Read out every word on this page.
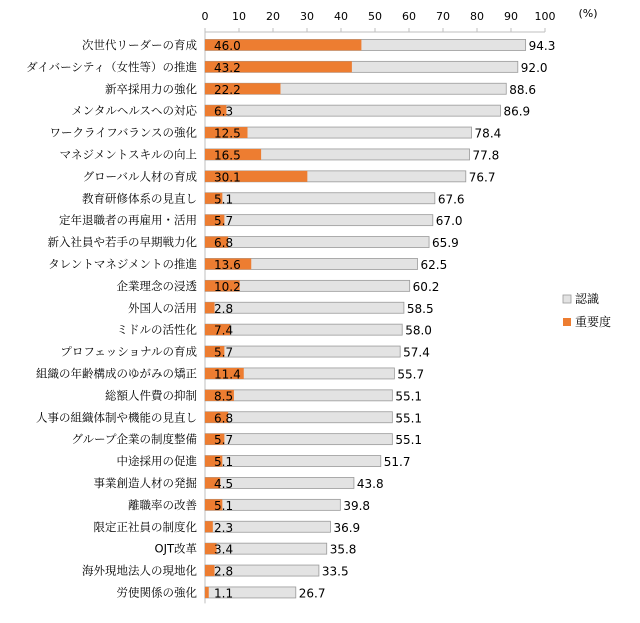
0 10 20 30 40 50 60 70 80 90 100 (%)
94.3
46.0
92.0
43.2
88.6
22.2
86.9
6.3
78.4
12.5
77.8
16.5
76.7
30.1
67.6
5.1
67.0
5.7
65.9
6.8
62.5
13.6
60.2
10.2
58.5
2.8
58.0
7.4
57.4
5.7
55.7
11.4
55.1
8.5
55.1
6.8
55.1
5.7
51.7
5.1
43.8
4.5
39.8
5.1
36.9
2.3
35.8
3.4
33.5
2.8
26.7
1.1
次世代リーダーの育成
ダイバーシティ（女性等）の推進
新卒採用力の強化
メンタルヘルスへの対応
ワークライフバランスの強化
マネジメントスキルの向上
グローバル人材の育成
教育研修体系の見直し
定年退職者の再雇用・活用
新入社員や若手の早期戦力化
タレントマネジメントの推進
企業理念の浸透
外国人の活用
ミドルの活性化
プロフェッショナルの育成
組織の年齢構成のゆがみの矯正
総額人件費の抑制
人事の組織体制や機能の見直し
グループ企業の制度整備
中途採用の促進
事業創造人材の発掘
離職率の改善
限定正社員の制度化
OJT改革
海外現地法人の現地化
労使関係の強化
認識
重要度
